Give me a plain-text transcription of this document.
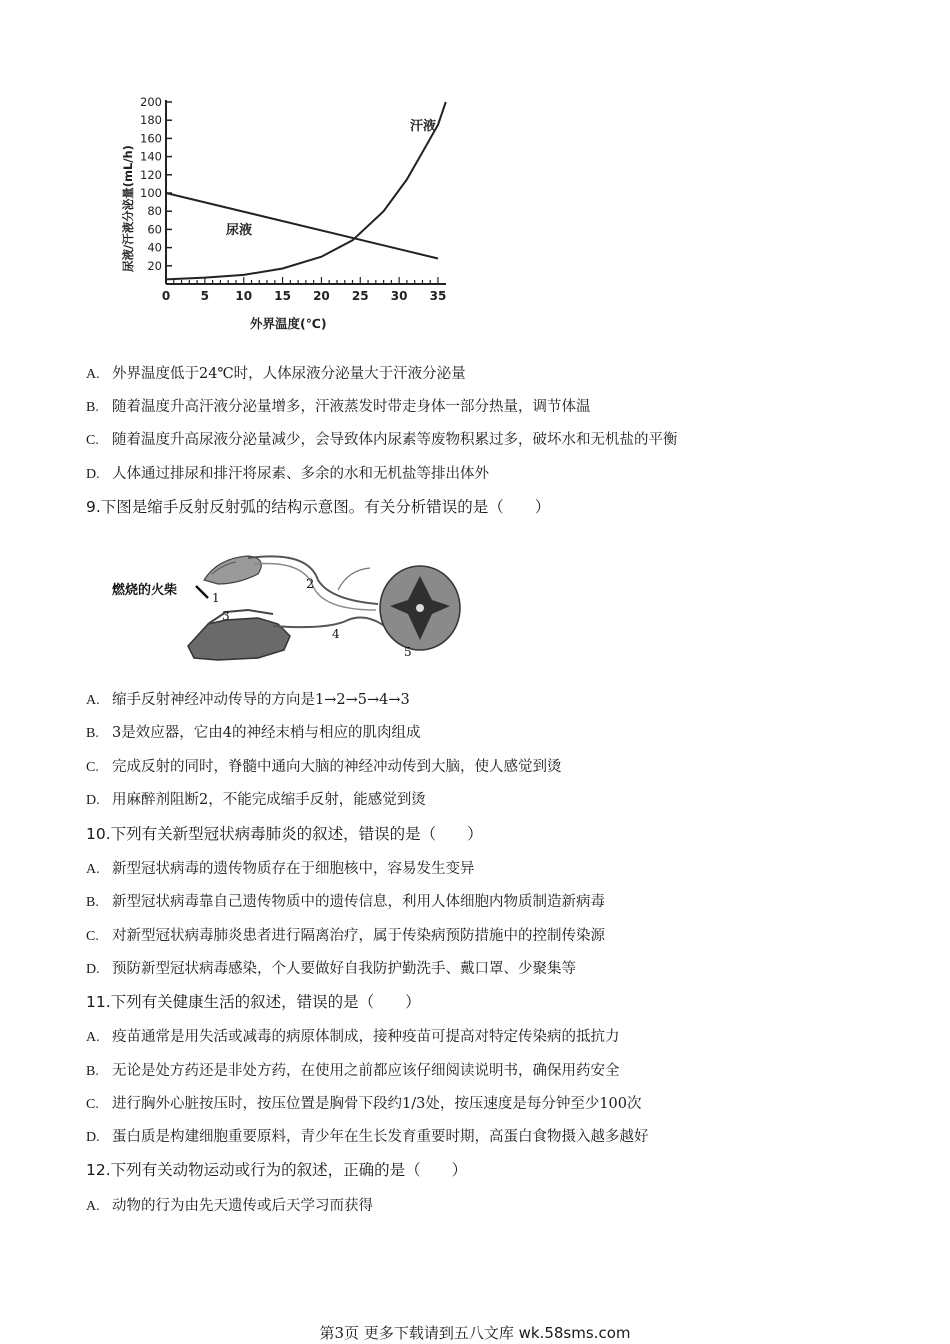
20
40
60
80
100
120
140
160
180
200
0	5 10 15 20 25 30 35
尿液/汗液分泌量(mL/h)
外界温度(℃)
尿液
汗液
A. 外界温度低于24℃时，人体尿液分泌量大于汗液分泌量
B. 随着温度升高汗液分泌量增多，汗液蒸发时带走身体一部分热量，调节体温
C. 随着温度升高尿液分泌量减少，会导致体内尿素等废物积累过多，破坏水和无机盐的平衡
D. 人体通过排尿和排汗将尿素、多余的水和无机盐等排出体外
9.下图是缩手反射反射弧的结构示意图。有关分析错误的是（　　）
燃烧的火柴	1
2
3
4
5
A. 缩手反射神经冲动传导的方向是1→2→5→4→3
B. 3是效应器，它由4的神经末梢与相应的肌肉组成
C. 完成反射的同时，脊髓中通向大脑的神经冲动传到大脑，使人感觉到烫
D. 用麻醉剂阻断2，不能完成缩手反射，能感觉到烫
10.下列有关新型冠状病毒肺炎的叙述，错误的是（　　）
A. 新型冠状病毒的遗传物质存在于细胞核中，容易发生变异
B. 新型冠状病毒靠自己遗传物质中的遗传信息，利用人体细胞内物质制造新病毒
C. 对新型冠状病毒肺炎患者进行隔离治疗，属于传染病预防措施中的控制传染源
D. 预防新型冠状病毒感染，个人要做好自我防护勤洗手、戴口罩、少聚集等
11.下列有关健康生活的叙述，错误的是（　　）
A. 疫苗通常是用失活或减毒的病原体制成，接种疫苗可提高对特定传染病的抵抗力
B. 无论是处方药还是非处方药，在使用之前都应该仔细阅读说明书，确保用药安全
C. 进行胸外心脏按压时，按压位置是胸骨下段约1/3处，按压速度是每分钟至少100次
D. 蛋白质是构建细胞重要原料，青少年在生长发育重要时期，高蛋白食物摄入越多越好
12.下列有关动物运动或行为的叙述，正确的是（　　）
A. 动物的行为由先天遗传或后天学习而获得
第3页 更多下载请到五八文库 wk.58sms.com
